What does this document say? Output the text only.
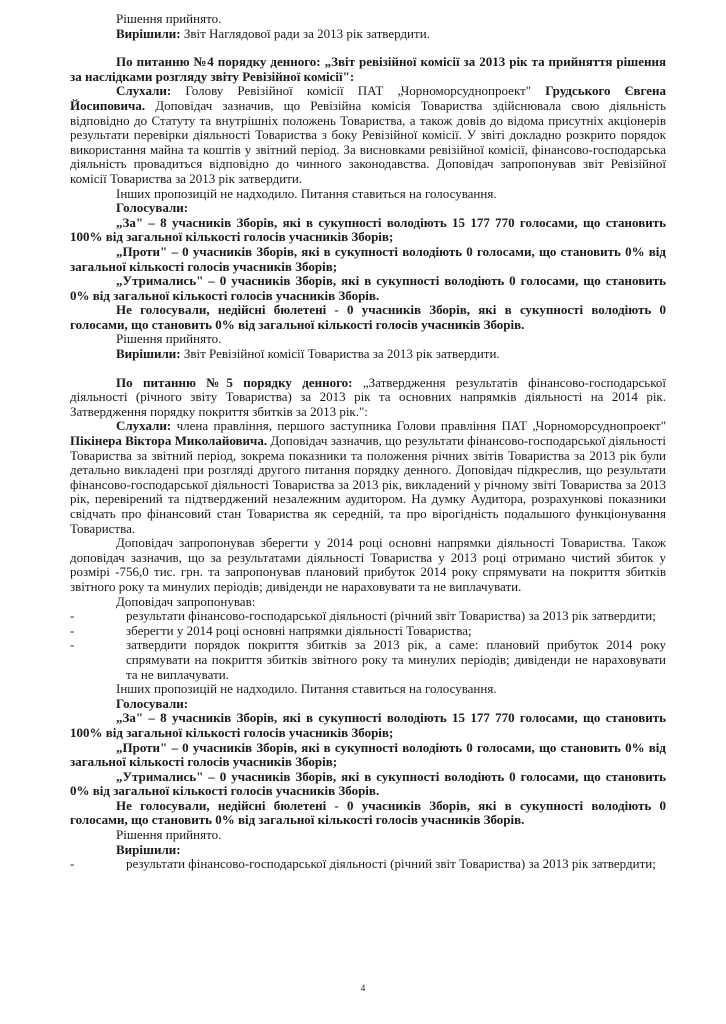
Рішення прийнято.

Вирішили: Звіт Наглядової ради за 2013 рік затвердити.

По питанню №4 порядку денного: „Звіт ревізійної комісії за 2013 рік та прийняття рішення за наслідками розгляду звіту Ревізійної комісії":

Слухали: Голову Ревізійної комісії ПАТ „Чорноморсуднопроект" Грудського Євгена Йосиповича. Доповідач зазначив, що Ревізійна комісія Товариства здійснювала свою діяльність відповідно до Статуту та внутрішніх положень Товариства, а також довів до відома присутніх акціонерів результати перевірки діяльності Товариства з боку Ревізійної комісії. У звіті докладно розкрито порядок використання майна та коштів у звітний період. За висновками ревізійної комісії, фінансово-господарська діяльність провадиться відповідно до чинного законодавства. Доповідач запропонував звіт Ревізійної комісії Товариства за 2013 рік затвердити.

Інших пропозицій не надходило. Питання ставиться на голосування.

Голосували:

„За" – 8 учасників Зборів, які в сукупності володіють 15 177 770 голосами, що становить 100% від загальної кількості голосів учасників Зборів;

„Проти" – 0 учасників Зборів, які в сукупності володіють 0 голосами, що становить 0% від загальної кількості голосів учасників Зборів;

„Утримались" – 0 учасників Зборів, які в сукупності володіють 0 голосами, що становить 0% від загальної кількості голосів учасників Зборів.

Не голосували, недійсні бюлетені - 0 учасників Зборів, які в сукупності володіють 0 голосами, що становить 0% від загальної кількості голосів учасників Зборів.

Рішення прийнято.

Вирішили: Звіт Ревізійної комісії Товариства за 2013 рік затвердити.

По питанню №5 порядку денного: „Затвердження результатів фінансово-господарської діяльності (річного звіту Товариства) за 2013 рік та основних напрямків діяльності на 2014 рік. Затвердження порядку покриття збитків за 2013 рік.":

Слухали: члена правління, першого заступника Голови правління ПАТ „Чорноморсуднопроект" Пікінера Віктора Миколайовича. Доповідач зазначив, що результати фінансово-господарської діяльності Товариства за звітний період, зокрема показники та положення річних звітів Товариства за 2013 рік були детально викладені при розгляді другого питання порядку денного. Доповідач підкреслив, що результати фінансово-господарської діяльності Товариства за 2013 рік, викладений у річному звіті Товариства за 2013 рік, перевірений та підтверджений незалежним аудитором. На думку Аудитора, розрахункові показники свідчать про фінансовий стан Товариства як середній, та про вірогідність подальшого функціонування Товариства.

Доповідач запропонував зберегти у 2014 році основні напрямки діяльності Товариства. Також доповідач зазначив, що за результатами діяльності Товариства у 2013 році отримано чистий збиток у розмірі -756,0 тис. грн. та запропонував плановий прибуток 2014 року спрямувати на покриття збитків звітного року та минулих періодів; дивіденди не нараховувати та не виплачувати.

Доповідач запропонував:

- результати фінансово-господарської діяльності (річний звіт Товариства) за 2013 рік затвердити;
- зберегти у 2014 році основні напрямки діяльності Товариства;
- затвердити порядок покриття збитків за 2013 рік, а саме: плановий прибуток 2014 року спрямувати на покриття збитків звітного року та минулих періодів; дивіденди не нараховувати та не виплачувати.

Інших пропозицій не надходило. Питання ставиться на голосування.

Голосували:

„За" – 8 учасників Зборів, які в сукупності володіють 15 177 770 голосами, що становить 100% від загальної кількості голосів учасників Зборів;

„Проти" – 0 учасників Зборів, які в сукупності володіють 0 голосами, що становить 0% від загальної кількості голосів учасників Зборів;

„Утримались" – 0 учасників Зборів, які в сукупності володіють 0 голосами, що становить 0% від загальної кількості голосів учасників Зборів.

Не голосували, недійсні бюлетені - 0 учасників Зборів, які в сукупності володіють 0 голосами, що становить 0% від загальної кількості голосів учасників Зборів.

Рішення прийнято.

Вирішили:

- результати фінансово-господарської діяльності (річний звіт Товариства) за 2013 рік затвердити;
4
